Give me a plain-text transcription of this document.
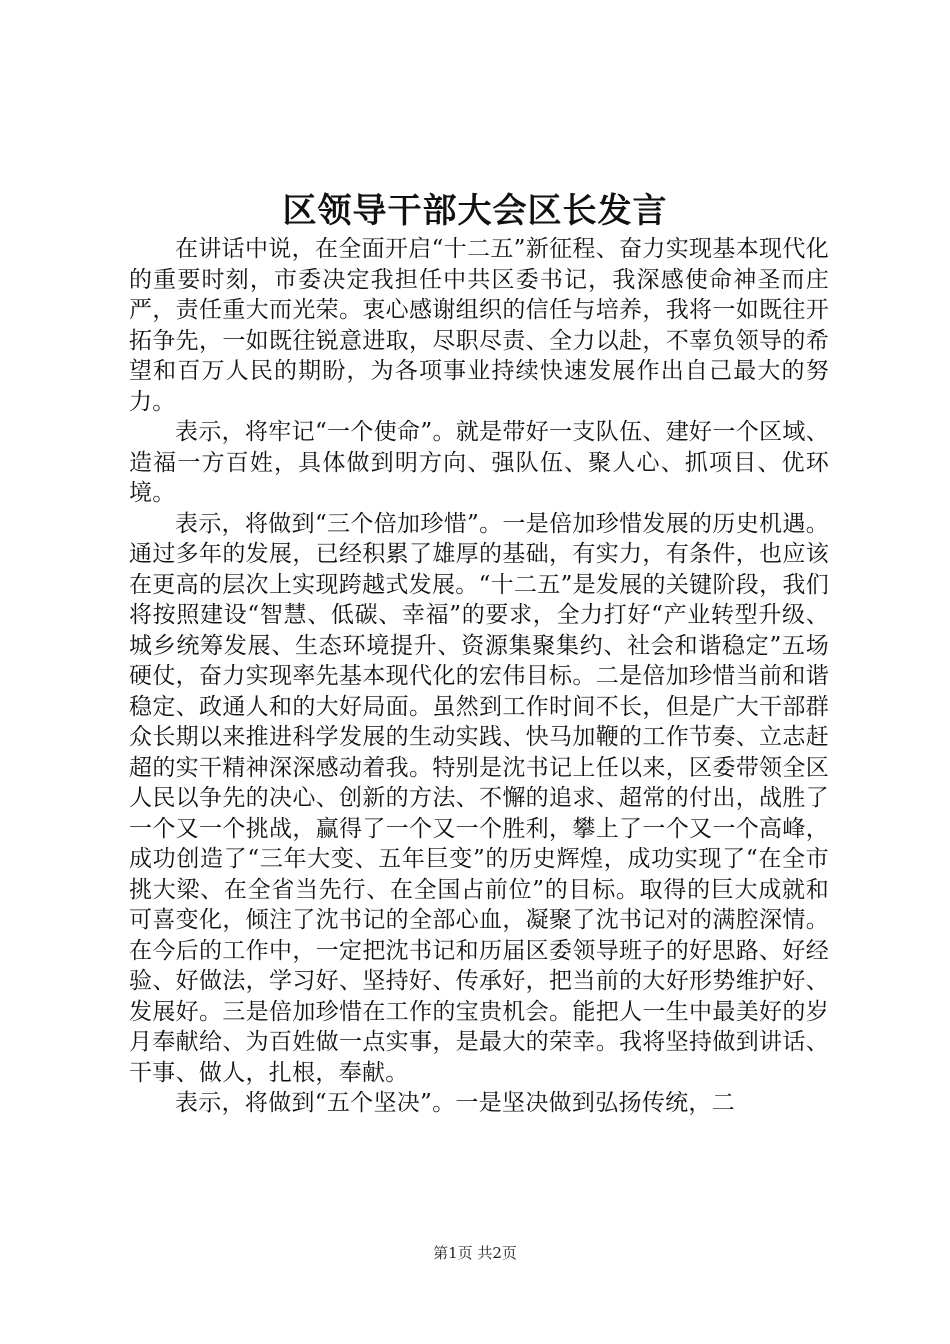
区领导干部大会区长发言

在讲话中说，在全面开启“十二五”新征程、奋力实现基本现代化的重要时刻，市委决定我担任中共区委书记，我深感使命神圣而庄严，责任重大而光荣。衷心感谢组织的信任与培养，我将一如既往开拓争先，一如既往锐意进取，尽职尽责、全力以赴，不辜负领导的希望和百万人民的期盼，为各项事业持续快速发展作出自己最大的努力。

表示，将牢记“一个使命”。就是带好一支队伍、建好一个区域、造福一方百姓，具体做到明方向、强队伍、聚人心、抓项目、优环境。

表示，将做到“三个倍加珍惜”。一是倍加珍惜发展的历史机遇。通过多年的发展，已经积累了雄厚的基础，有实力，有条件，也应该在更高的层次上实现跨越式发展。“十二五”是发展的关键阶段，我们将按照建设“智慧、低碳、幸福”的要求，全力打好“产业转型升级、城乡统筹发展、生态环境提升、资源集聚集约、社会和谐稳定”五场硬仗，奋力实现率先基本现代化的宏伟目标。二是倍加珍惜当前和谐稳定、政通人和的大好局面。虽然到工作时间不长，但是广大干部群众长期以来推进科学发展的生动实践、快马加鞭的工作节奏、立志赶超的实干精神深深感动着我。特别是沈书记上任以来，区委带领全区人民以争先的决心、创新的方法、不懈的追求、超常的付出，战胜了一个又一个挑战，赢得了一个又一个胜利，攀上了一个又一个高峰，成功创造了“三年大变、五年巨变”的历史辉煌，成功实现了“在全市挑大梁、在全省当先行、在全国占前位”的目标。取得的巨大成就和可喜变化，倾注了沈书记的全部心血，凝聚了沈书记对的满腔深情。在今后的工作中，一定把沈书记和历届区委领导班子的好思路、好经验、好做法，学习好、坚持好、传承好，把当前的大好形势维护好、发展好。三是倍加珍惜在工作的宝贵机会。能把人一生中最美好的岁月奉献给、为百姓做一点实事，是最大的荣幸。我将坚持做到讲话、干事、做人，扎根，奉献。

表示，将做到“五个坚决”。一是坚决做到弘扬传统，二

第1页 共2页
